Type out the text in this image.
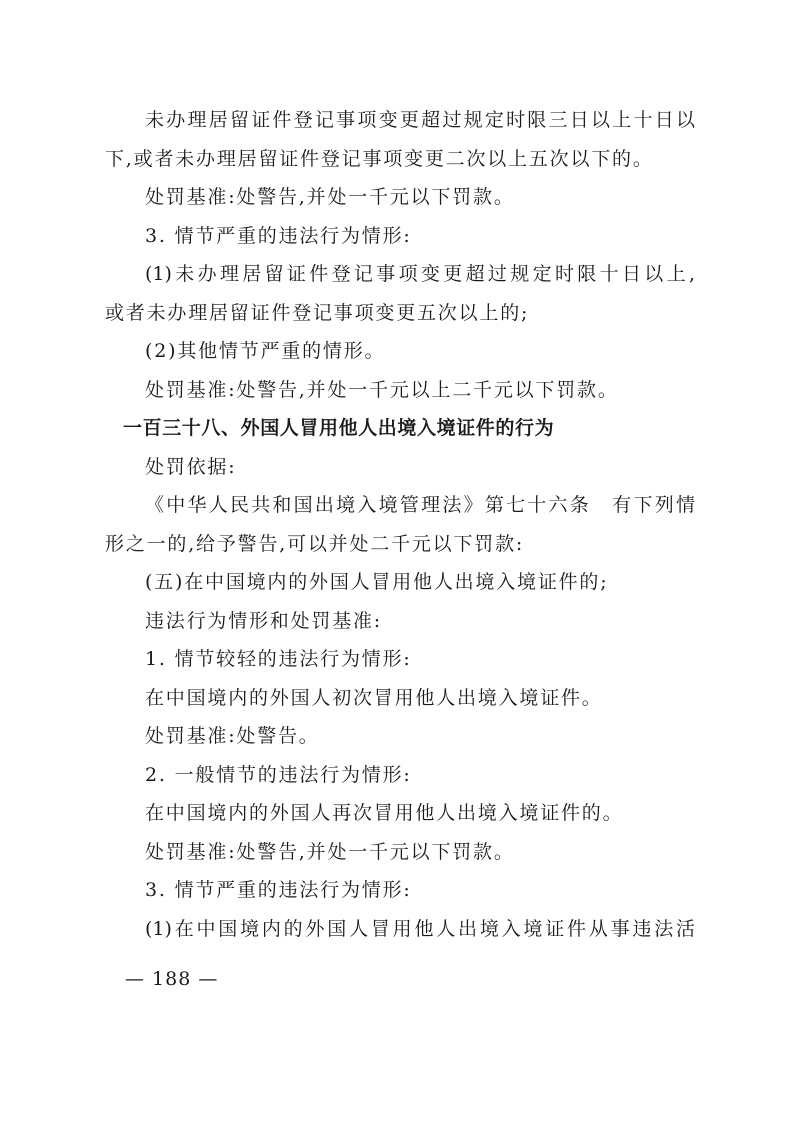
未办理居留证件登记事项变更超过规定时限三日以上十日以
下,或者未办理居留证件登记事项变更二次以上五次以下的。
处罚基准:处警告,并处一千元以下罚款。
3. 情节严重的违法行为情形:
(1)未办理居留证件登记事项变更超过规定时限十日以上,
或者未办理居留证件登记事项变更五次以上的;
(2)其他情节严重的情形。
处罚基准:处警告,并处一千元以上二千元以下罚款。
一百三十八、外国人冒用他人出境入境证件的行为
处罚依据:
《中华人民共和国出境入境管理法》第七十六条　有下列情
形之一的,给予警告,可以并处二千元以下罚款:
(五)在中国境内的外国人冒用他人出境入境证件的;
违法行为情形和处罚基准:
1. 情节较轻的违法行为情形:
在中国境内的外国人初次冒用他人出境入境证件。
处罚基准:处警告。
2. 一般情节的违法行为情形:
在中国境内的外国人再次冒用他人出境入境证件的。
处罚基准:处警告,并处一千元以下罚款。
3. 情节严重的违法行为情形:
(1)在中国境内的外国人冒用他人出境入境证件从事违法活
— 188 —
